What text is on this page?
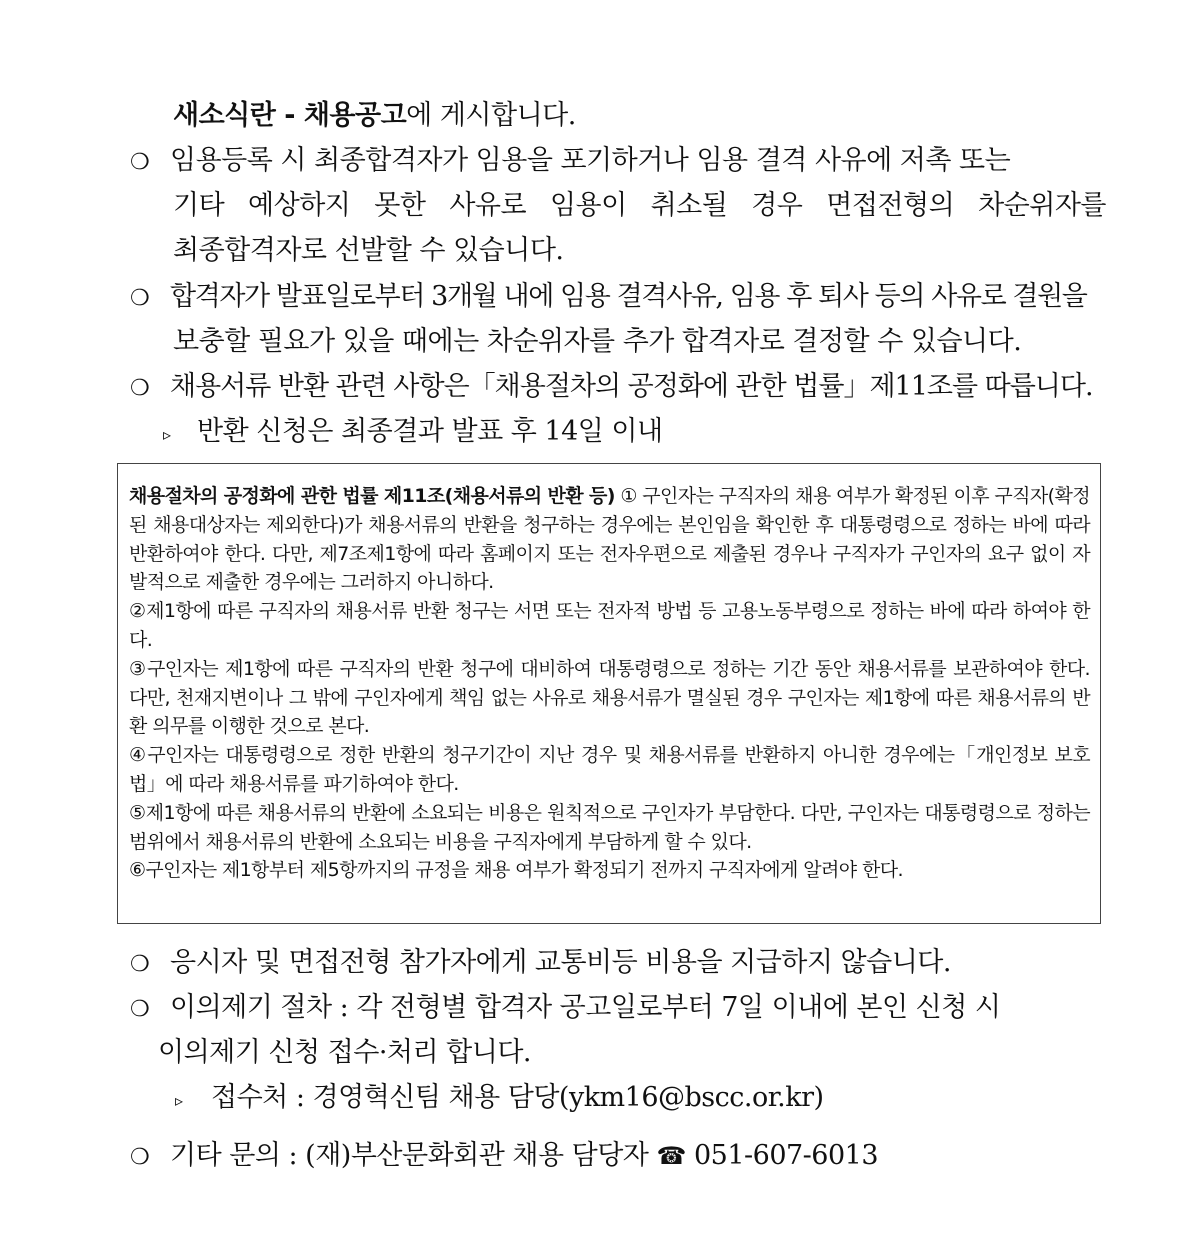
새소식란 - 채용공고에 게시합니다.
❍ 임용등록 시 최종합격자가 임용을 포기하거나 임용 결격 사유에 저촉 또는
기타 예상하지 못한 사유로 임용이 취소될 경우 면접전형의 차순위자를
최종합격자로 선발할 수 있습니다.
❍ 합격자가 발표일로부터 3개월 내에 임용 결격사유, 임용 후 퇴사 등의 사유로 결원을
보충할 필요가 있을 때에는 차순위자를 추가 합격자로 결정할 수 있습니다.
❍ 채용서류 반환 관련 사항은「채용절차의 공정화에 관한 법률」제11조를 따릅니다.
▹ 반환 신청은 최종결과 발표 후 14일 이내

채용절차의 공정화에 관한 법률 제11조(채용서류의 반환 등) ① 구인자는 구직자의 채용 여부가 확정된 이후 구직자(확정된 채용대상자는 제외한다)가 채용서류의 반환을 청구하는 경우에는 본인임을 확인한 후 대통령령으로 정하는 바에 따라 반환하여야 한다. 다만, 제7조제1항에 따라 홈페이지 또는 전자우편으로 제출된 경우나 구직자가 구인자의 요구 없이 자발적으로 제출한 경우에는 그러하지 아니하다.

②제1항에 따른 구직자의 채용서류 반환 청구는 서면 또는 전자적 방법 등 고용노동부령으로 정하는 바에 따라 하여야 한다.

③구인자는 제1항에 따른 구직자의 반환 청구에 대비하여 대통령령으로 정하는 기간 동안 채용서류를 보관하여야 한다. 다만, 천재지변이나 그 밖에 구인자에게 책임 없는 사유로 채용서류가 멸실된 경우 구인자는 제1항에 따른 채용서류의 반환 의무를 이행한 것으로 본다.

④구인자는 대통령령으로 정한 반환의 청구기간이 지난 경우 및 채용서류를 반환하지 아니한 경우에는「개인정보 보호법」에 따라 채용서류를 파기하여야 한다.

⑤제1항에 따른 채용서류의 반환에 소요되는 비용은 원칙적으로 구인자가 부담한다. 다만, 구인자는 대통령령으로 정하는 범위에서 채용서류의 반환에 소요되는 비용을 구직자에게 부담하게 할 수 있다.

⑥구인자는 제1항부터 제5항까지의 규정을 채용 여부가 확정되기 전까지 구직자에게 알려야 한다.

❍ 응시자 및 면접전형 참가자에게 교통비등 비용을 지급하지 않습니다.
❍ 이의제기 절차 : 각 전형별 합격자 공고일로부터 7일 이내에 본인 신청 시
이의제기 신청 접수·처리 합니다.
▹ 접수처 : 경영혁신팀 채용 담당(ykm16@bscc.or.kr)
❍ 기타 문의 : (재)부산문화회관 채용 담당자 ☎ 051-607-6013
